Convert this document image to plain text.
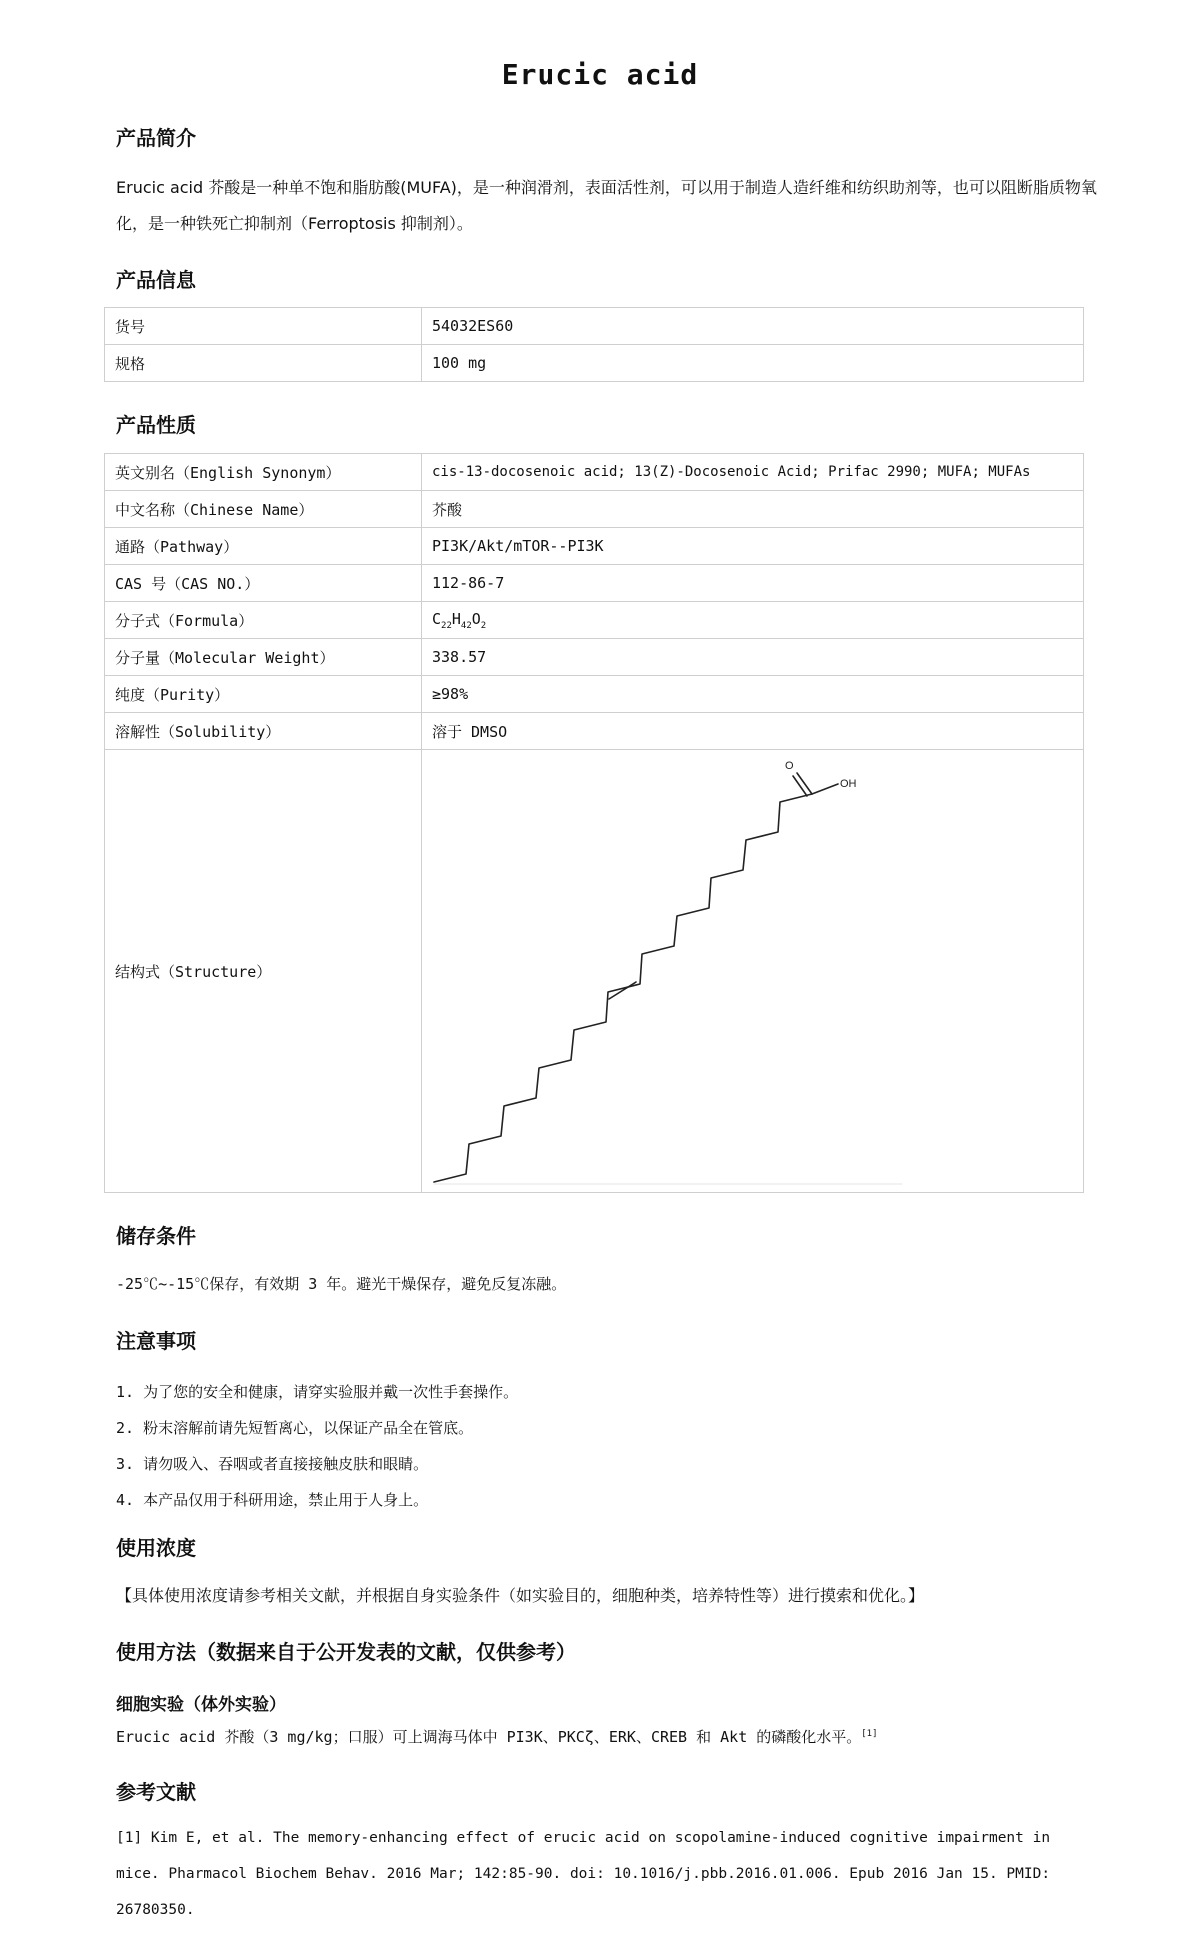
Erucic acid
产品简介
Erucic acid 芥酸是一种单不饱和脂肪酸(MUFA)，是一种润滑剂，表面活性剂，可以用于制造人造纤维和纺织助剂等，也可以阻断脂质物氧化，是一种铁死亡抑制剂（Ferroptosis 抑制剂）。
产品信息
货号	54032ES60
规格	100 mg
产品性质
英文别名（English Synonym）	cis-13-docosenoic acid; 13(Z)-Docosenoic Acid; Prifac 2990; MUFA; MUFAs
中文名称（Chinese Name）	芥酸
通路（Pathway）	PI3K/Akt/mTOR--PI3K
CAS 号（CAS NO.）	112-86-7
分子式（Formula）	$C_{22}H_{42}O_2$
分子量（Molecular Weight）	338.57
纯度（Purity）	≥98%
溶解性（Solubility）	溶于 DMSO
结构式（Structure）	O
OH
储存条件
-25℃~-15℃保存，有效期 3 年。避光干燥保存，避免反复冻融。
注意事项
1. 为了您的安全和健康，请穿实验服并戴一次性手套操作。
2. 粉末溶解前请先短暂离心，以保证产品全在管底。
3. 请勿吸入、吞咽或者直接接触皮肤和眼睛。
4. 本产品仅用于科研用途，禁止用于人身上。
使用浓度
【具体使用浓度请参考相关文献，并根据自身实验条件（如实验目的，细胞种类，培养特性等）进行摸索和优化。】
使用方法（数据来自于公开发表的文献，仅供参考）
细胞实验（体外实验）
Erucic acid 芥酸（3 mg/kg；口服）可上调海马体中 PI3K、PKCζ、ERK、CREB 和 Akt 的磷酸化水平。[1]
参考文献
[1] Kim E, et al. The memory-enhancing effect of erucic acid on scopolamine-induced cognitive impairment in mice. Pharmacol Biochem Behav. 2016 Mar; 142:85-90. doi: 10.1016/j.pbb.2016.01.006. Epub 2016 Jan 15. PMID: 26780350.
